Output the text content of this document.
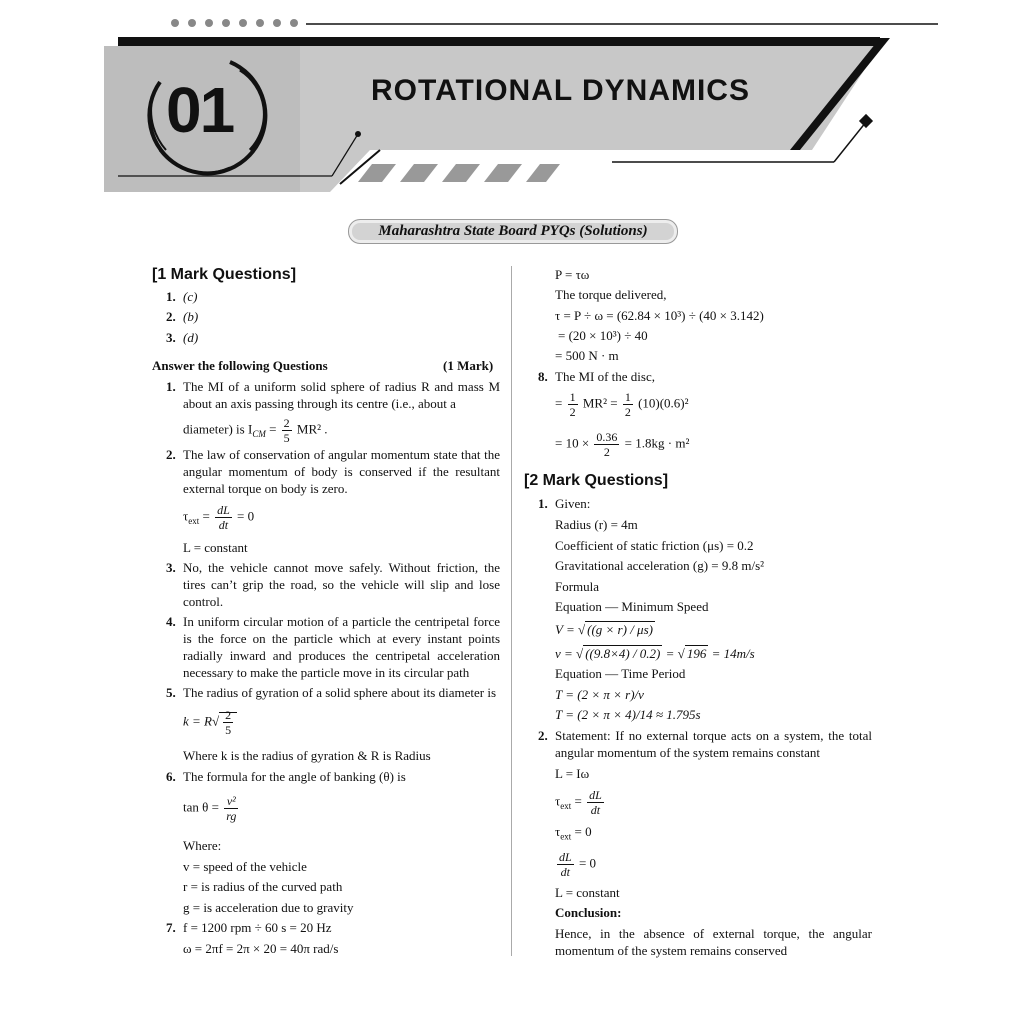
01	ROTATIONAL DYNAMICS
Maharashtra State Board PYQs (Solutions)
[1 Mark Questions]
1. (c)
2. (b)
3. (d)
Answer the following Questions	(1 Mark)
1. The MI of a uniform solid sphere of radius R and mass M about an axis passing through its centre (i.e., about a
diameter) is $I_{CM} = \frac{2}{5} MR^2$ .
2. The law of conservation of angular momentum state that the angular momentum of body is conserved if the resultant external torque on body is zero.
$\tau_{ext} = \frac{dL}{dt} = 0$
L = constant
3. No, the vehicle cannot move safely. Without friction, the tires can’t grip the road, so the vehicle will slip and lose control.
4. In uniform circular motion of a particle the centripetal force is the force on the particle which at every instant points radially inward and produces the centripetal acceleration necessary to make the particle move in its circular path
5. The radius of gyration of a solid sphere about its diameter is
$k = R√ \frac{2}{5}$
Where k is the radius of gyration & R is Radius
6. The formula for the angle of banking (θ) is
$\tan \theta = \frac{\text{v²}}{rg}$
Where:
v = speed of the vehicle
r = is radius of the curved path
g = is acceleration due to gravity
7. f = 1200 rpm ÷ 60 s = 20 Hz
ω = 2πf = 2π × 20 = 40π rad/s
P = τω
The torque delivered,
τ = P ÷ ω = (62.84 × 10³) ÷ (40 × 3.142)
= (20 × 10³) ÷ 40
= 500 N · m
8. The MI of the disc,
= $\frac{1}{2} MR^2 = \frac{1}{2} (10)(0.6)^2$
= $10 \times \frac{0.36}{2} = 1.8kg \cdot m^2$
[2 Mark Questions]
1. Given:
Radius (r) = 4m
Coefficient of static friction (μs) = 0.2
Gravitational acceleration (g) = 9.8 m/s²
Formula
Equation — Minimum Speed
V = √ ((g × r) / μs)
v = √ ((9.8×4) / 0.2) = √ 196 = 14m/s
Equation — Time Period
T = (2 × π × r)/v
T = (2 × π × 4)/14 ≈ 1.795s
2. Statement: If no external torque acts on a system, the total angular momentum of the system remains constant
L = Iω
$\tau_{ext} = \frac{dL}{dt}$
$\tau_{ext} = 0$
$\frac{dL}{dt} = 0$
L = constant
Conclusion:
Hence, in the absence of external torque, the angular momentum of the system remains conserved
